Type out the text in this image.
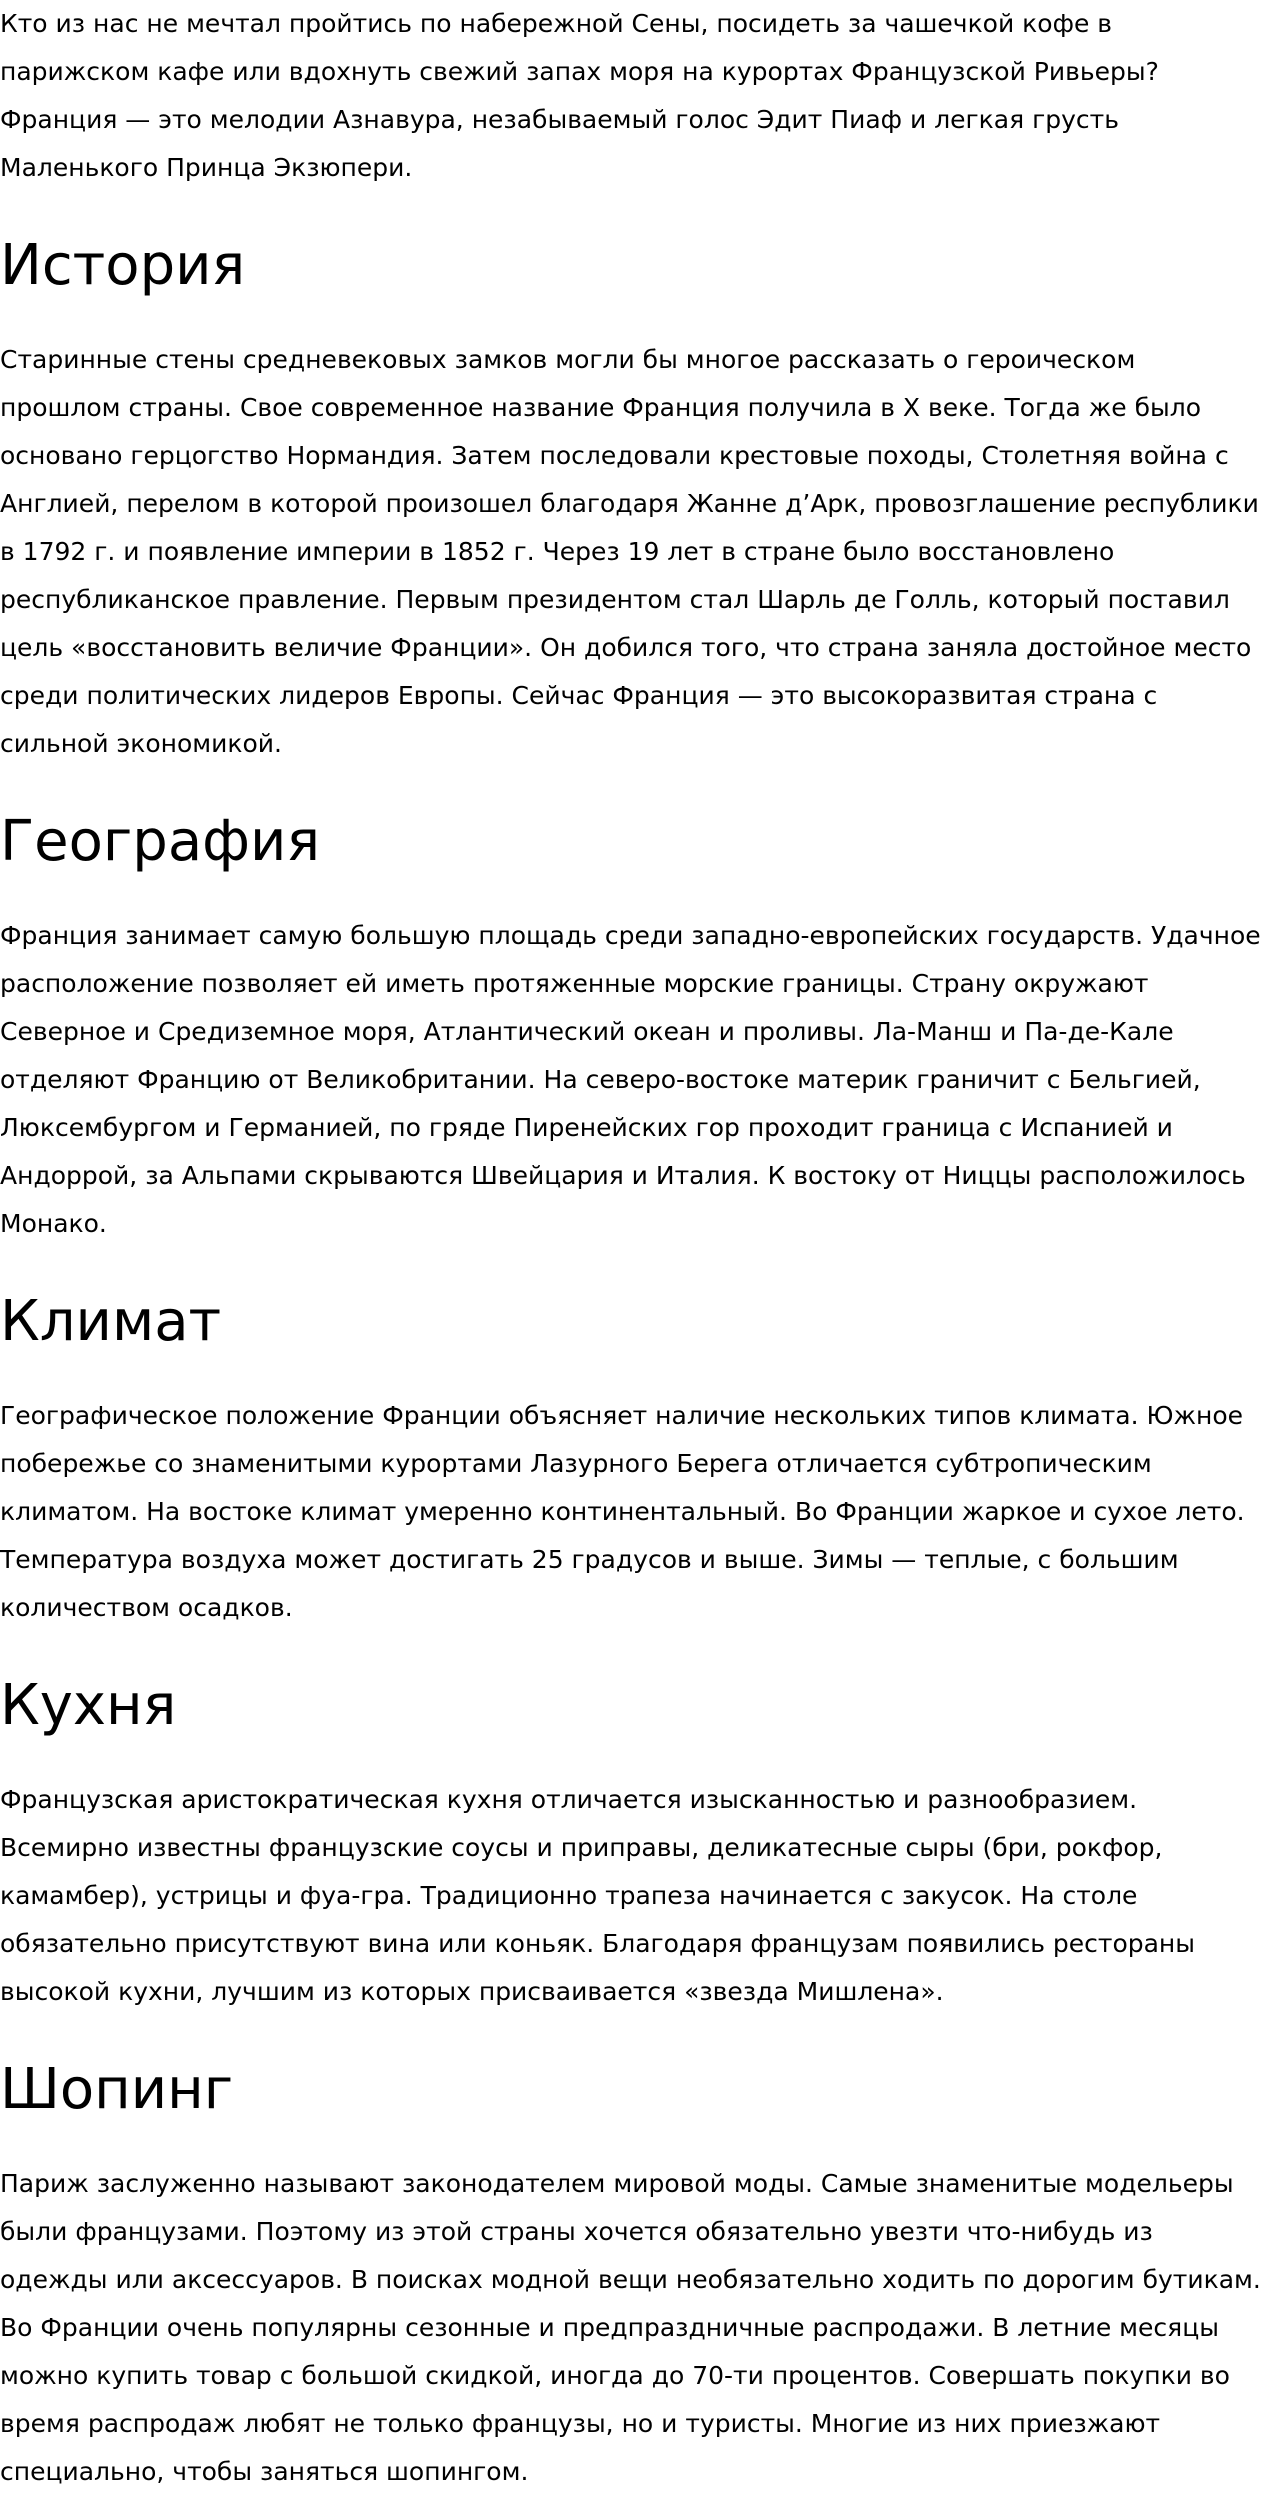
Кто из нас не мечтал пройтись по набережной Сены, посидеть за чашечкой кофе в парижском кафе или вдохнуть свежий запах моря на курортах Французской Ривьеры? Франция — это мелодии Азнавура, незабываемый голос Эдит Пиаф и легкая грусть Маленького Принца Экзюпери.

История

Старинные стены средневековых замков могли бы многое рассказать о героическом прошлом страны. Свое современное название Франция получила в X веке. Тогда же было основано герцогство Нормандия. Затем последовали крестовые походы, Столетняя война с Англией, перелом в которой произошел благодаря Жанне д’Арк, провозглашение республики в 1792 г. и появление империи в 1852 г. Через 19 лет в стране было восстановлено республиканское правление. Первым президентом стал Шарль де Голль, который поставил цель «восстановить величие Франции». Он добился того, что страна заняла достойное место среди политических лидеров Европы. Сейчас Франция — это высокоразвитая страна с сильной экономикой.

География

Франция занимает самую большую площадь среди западно-европейских государств. Удачное расположение позволяет ей иметь протяженные морские границы. Страну окружают Северное и Средиземное моря, Атлантический океан и проливы. Ла-Манш и Па-де-Кале отделяют Францию от Великобритании. На северо-востоке материк граничит с Бельгией, Люксембургом и Германией, по гряде Пиренейских гор проходит граница с Испанией и Андоррой, за Альпами скрываются Швейцария и Италия. К востоку от Ниццы расположилось Монако.

Климат

Географическое положение Франции объясняет наличие нескольких типов климата. Южное побережье со знаменитыми курортами Лазурного Берега отличается субтропическим климатом. На востоке климат умеренно континентальный. Во Франции жаркое и сухое лето. Температура воздуха может достигать 25 градусов и выше. Зимы — теплые, с большим количеством осадков.

Кухня

Французская аристократическая кухня отличается изысканностью и разнообразием. Всемирно известны французские соусы и приправы, деликатесные сыры (бри, рокфор, камамбер), устрицы и фуа-гра. Традиционно трапеза начинается с закусок. На столе обязательно присутствуют вина или коньяк. Благодаря французам появились рестораны высокой кухни, лучшим из которых присваивается «звезда Мишлена».

Шопинг

Париж заслуженно называют законодателем мировой моды. Самые знаменитые модельеры были французами. Поэтому из этой страны хочется обязательно увезти что-нибудь из одежды или аксессуаров. В поисках модной вещи необязательно ходить по дорогим бутикам. Во Франции очень популярны сезонные и предпраздничные распродажи. В летние месяцы можно купить товар с большой скидкой, иногда до 70-ти процентов. Совершать покупки во время распродаж любят не только французы, но и туристы. Многие из них приезжают специально, чтобы заняться шопингом.
